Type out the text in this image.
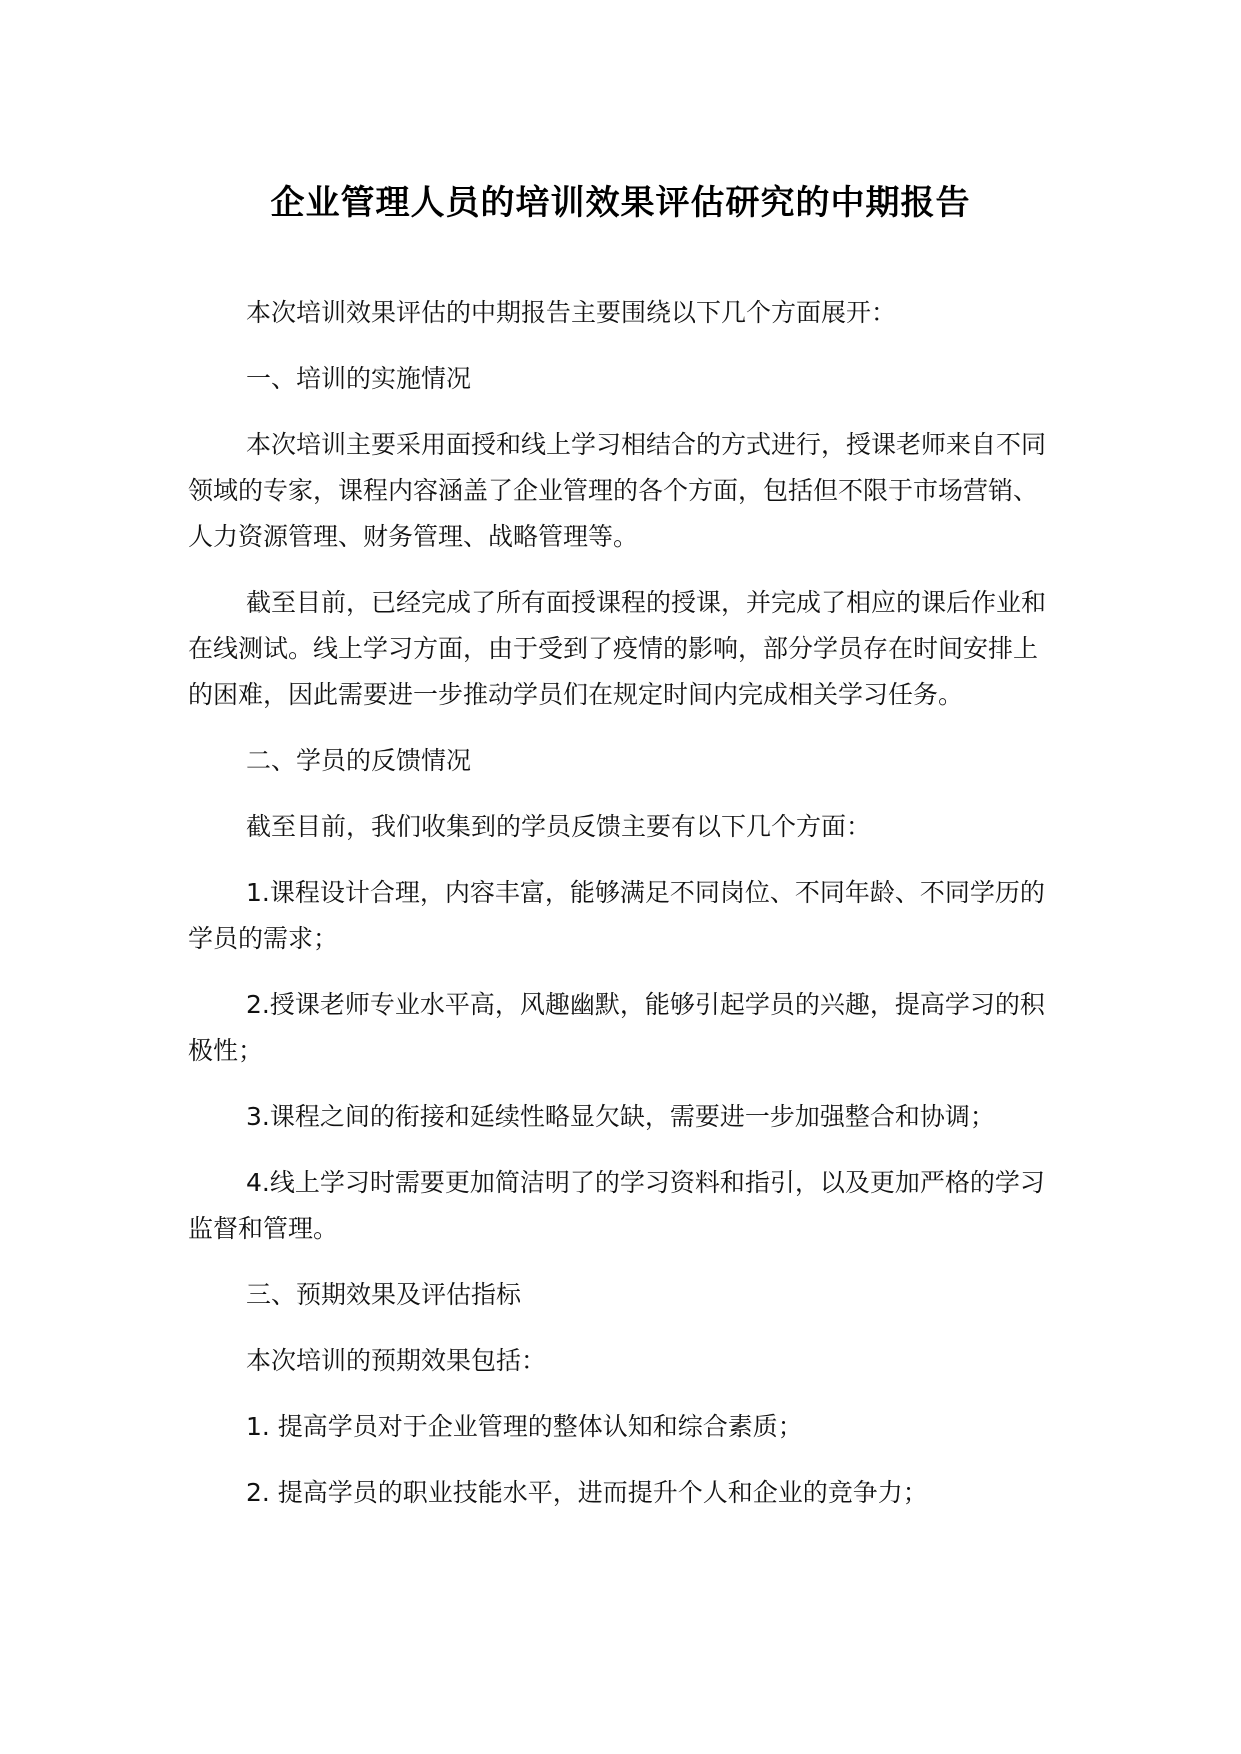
企业管理人员的培训效果评估研究的中期报告

本次培训效果评估的中期报告主要围绕以下几个方面展开：

一、培训的实施情况

本次培训主要采用面授和线上学习相结合的方式进行，授课老师来自不同领域的专家，课程内容涵盖了企业管理的各个方面，包括但不限于市场营销、人力资源管理、财务管理、战略管理等。

截至目前，已经完成了所有面授课程的授课，并完成了相应的课后作业和在线测试。线上学习方面，由于受到了疫情的影响，部分学员存在时间安排上的困难，因此需要进一步推动学员们在规定时间内完成相关学习任务。

二、学员的反馈情况

截至目前，我们收集到的学员反馈主要有以下几个方面：

1.课程设计合理，内容丰富，能够满足不同岗位、不同年龄、不同学历的学员的需求；

2.授课老师专业水平高，风趣幽默，能够引起学员的兴趣，提高学习的积极性；

3.课程之间的衔接和延续性略显欠缺，需要进一步加强整合和协调；

4.线上学习时需要更加简洁明了的学习资料和指引，以及更加严格的学习监督和管理。

三、预期效果及评估指标

本次培训的预期效果包括：

1. 提高学员对于企业管理的整体认知和综合素质；

2. 提高学员的职业技能水平，进而提升个人和企业的竞争力；
